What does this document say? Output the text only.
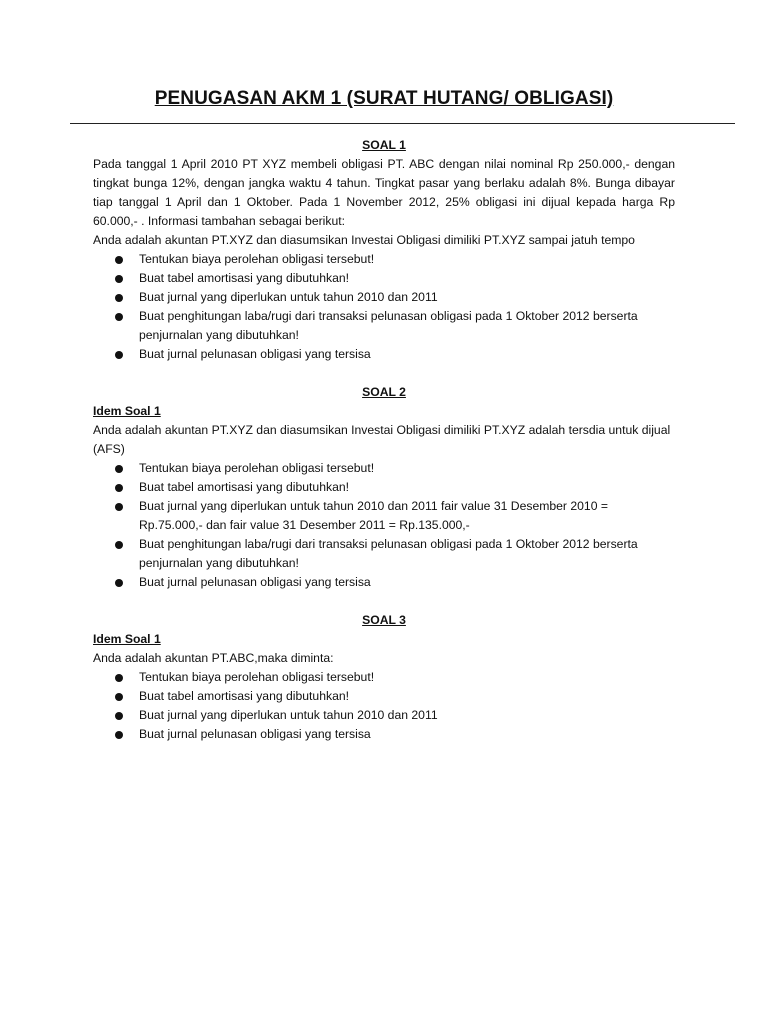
PENUGASAN AKM 1 (SURAT HUTANG/ OBLIGASI)

SOAL 1

Pada tanggal 1 April 2010 PT XYZ membeli obligasi PT. ABC dengan nilai nominal Rp 250.000,- dengan tingkat bunga 12%, dengan jangka waktu 4 tahun. Tingkat pasar yang berlaku adalah 8%. Bunga dibayar tiap tanggal 1 April dan 1 Oktober. Pada 1 November 2012, 25% obligasi ini dijual kepada harga Rp 60.000,- . Informasi tambahan sebagai berikut:

Anda adalah akuntan PT.XYZ dan diasumsikan Investai Obligasi dimiliki PT.XYZ sampai jatuh tempo

Tentukan biaya perolehan obligasi tersebut!
Buat tabel amortisasi yang dibutuhkan!
Buat jurnal yang diperlukan untuk tahun 2010 dan 2011
Buat penghitungan laba/rugi dari transaksi pelunasan obligasi pada 1 Oktober 2012 berserta penjurnalan yang dibutuhkan!
Buat jurnal pelunasan obligasi yang tersisa

SOAL 2

Idem Soal 1

Anda adalah akuntan PT.XYZ dan diasumsikan Investai Obligasi dimiliki PT.XYZ adalah tersdia untuk dijual (AFS)

Tentukan biaya perolehan obligasi tersebut!
Buat tabel amortisasi yang dibutuhkan!
Buat jurnal yang diperlukan untuk tahun 2010 dan 2011 fair value 31 Desember 2010 = Rp.75.000,- dan fair value 31 Desember 2011 = Rp.135.000,-
Buat penghitungan laba/rugi dari transaksi pelunasan obligasi pada 1 Oktober 2012 berserta penjurnalan yang dibutuhkan!
Buat jurnal pelunasan obligasi yang tersisa

SOAL 3

Idem Soal 1

Anda adalah akuntan PT.ABC,maka diminta:

Tentukan biaya perolehan obligasi tersebut!
Buat tabel amortisasi yang dibutuhkan!
Buat jurnal yang diperlukan untuk tahun 2010 dan 2011
Buat jurnal pelunasan obligasi yang tersisa
